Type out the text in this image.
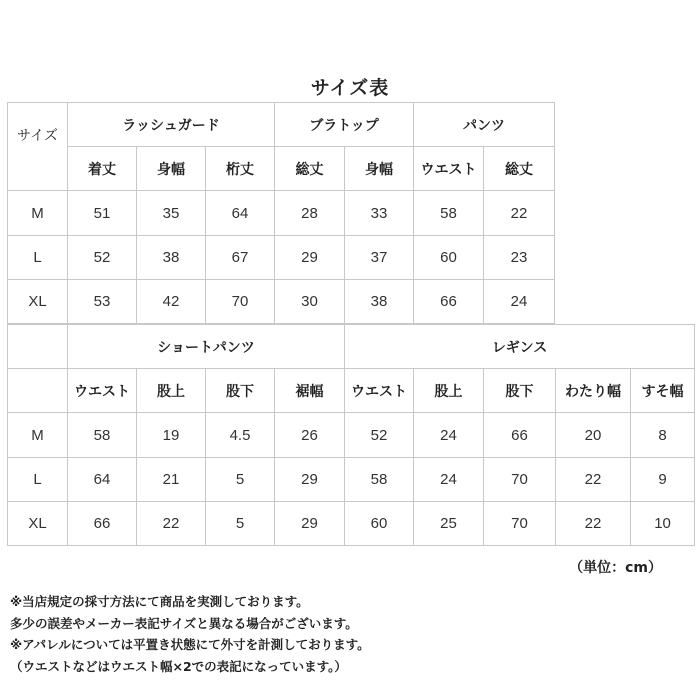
サイズ表
	ラッシュガード			ブラトップ		パンツ	
サイズ	着丈	身幅	桁丈	総丈	身幅	ウエスト	総丈
M	51	35	64	28	33	58	22
L	52	38	67	29	37	60	23
XL	53	42	70	30	38	66	24
	ショートパンツ				レギンス				
	ウエスト	股上	股下	裾幅	ウエスト	股上	股下	わたり幅	すそ幅
M	58	19	4.5	26	52	24	66	20	8
L	64	21	5	29	58	24	70	22	9
XL	66	22	5	29	60	25	70	22	10
（単位：cm）
※当店規定の採寸方法にて商品を実測しております。
多少の誤差やメーカー表記サイズと異なる場合がございます。
※アパレルについては平置き状態にて外寸を計測しております。
（ウエストなどはウエスト幅×2での表記になっています。）
